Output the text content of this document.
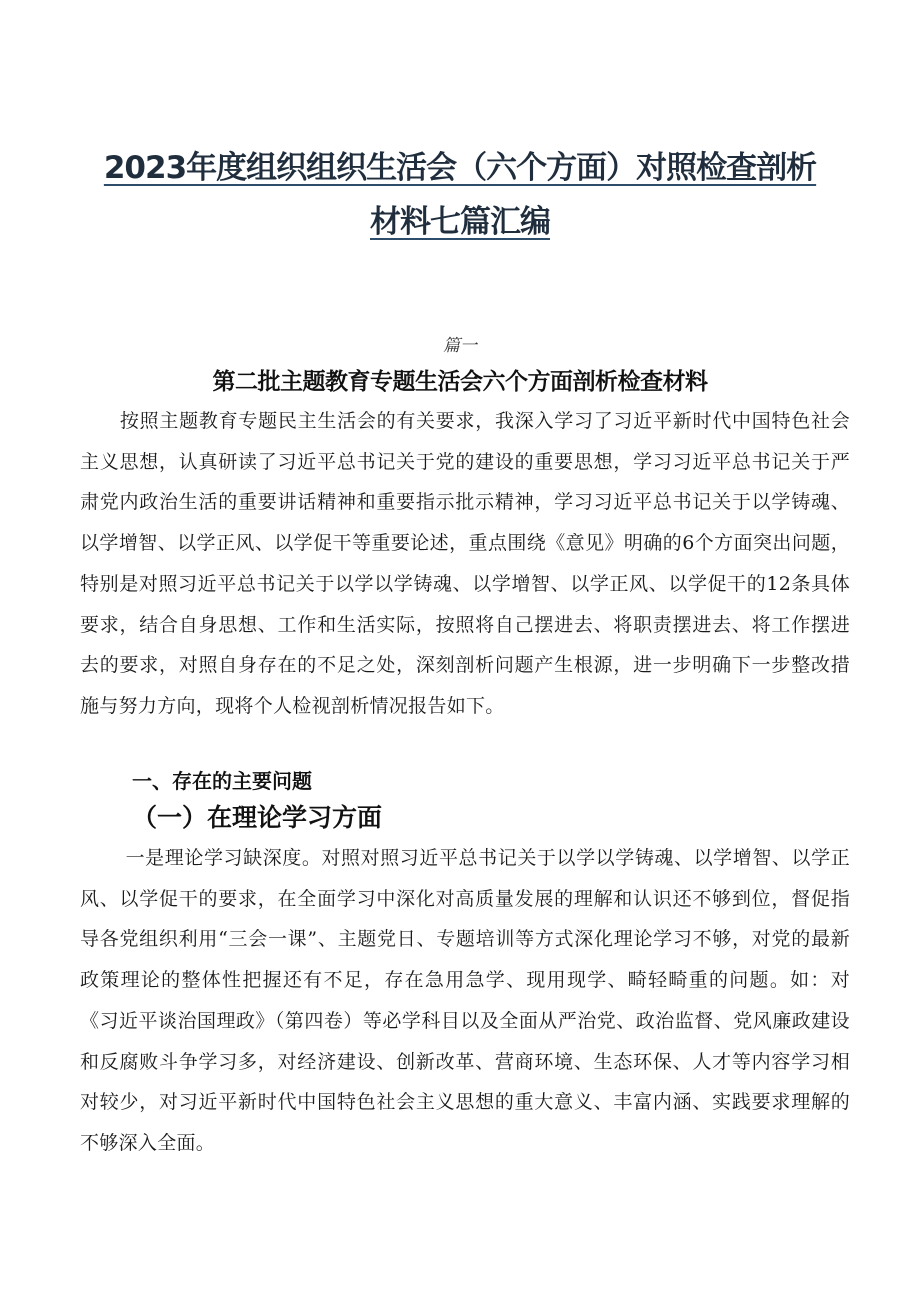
2023年度组织组织生活会（六个方面）对照检查剖析
材料七篇汇编
篇一
第二批主题教育专题生活会六个方面剖析检查材料

按照主题教育专题民主生活会的有关要求，我深入学习了习近平新时代中国特色社会主义思想，认真研读了习近平总书记关于党的建设的重要思想，学习习近平总书记关于严肃党内政治生活的重要讲话精神和重要指示批示精神，学习习近平总书记关于以学铸魂、以学增智、以学正风、以学促干等重要论述，重点围绕《意见》明确的6个方面突出问题，特别是对照习近平总书记关于以学以学铸魂、以学增智、以学正风、以学促干的12条具体要求，结合自身思想、工作和生活实际，按照将自己摆进去、将职责摆进去、将工作摆进去的要求，对照自身存在的不足之处，深刻剖析问题产生根源，进一步明确下一步整改措施与努力方向，现将个人检视剖析情况报告如下。

一、存在的主要问题
（一）在理论学习方面

一是理论学习缺深度。对照对照习近平总书记关于以学以学铸魂、以学增智、以学正风、以学促干的要求，在全面学习中深化对高质量发展的理解和认识还不够到位，督促指导各党组织利用“三会一课”、主题党日、专题培训等方式深化理论学习不够，对党的最新政策理论的整体性把握还有不足，存在急用急学、现用现学、畸轻畸重的问题。如：对《习近平谈治国理政》（第四卷）等必学科目以及全面从严治党、政治监督、党风廉政建设和反腐败斗争学习多，对经济建设、创新改革、营商环境、生态环保、人才等内容学习相对较少，对习近平新时代中国特色社会主义思想的重大意义、丰富内涵、实践要求理解的不够深入全面。
